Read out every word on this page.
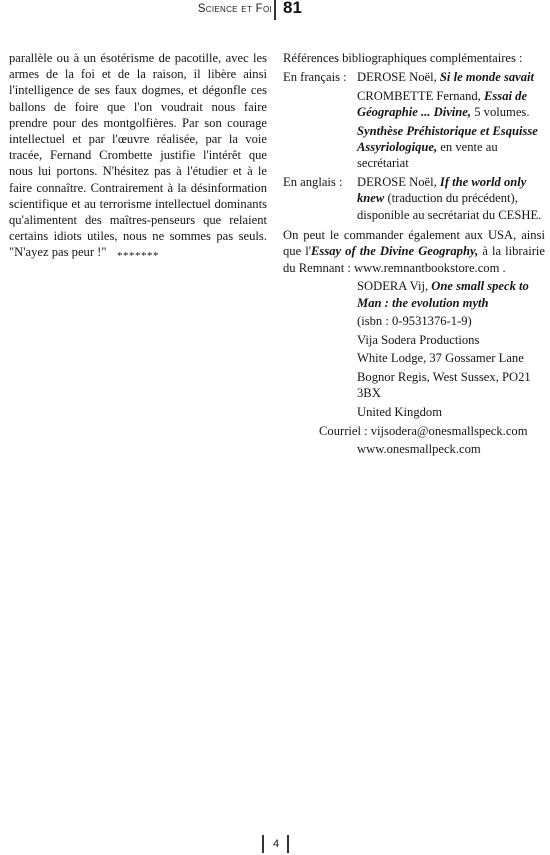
Science et Foi 81

parallèle ou à un ésotérisme de pacotille, avec les armes de la foi et de la raison, il libère ainsi l'intelligence de ses faux dogmes, et dégonfle ces ballons de foire que l'on voudrait nous faire prendre pour des montgolfières. Par son courage intellectuel et par l'œuvre réalisée, par la voie tracée, Fernand Crombette justifie l'intérêt que nous lui portons. N'hésitez pas à l'étudier et à le faire connaître. Contrairement à la désinformation scientifique et au terrorisme intellectuel dominants qu'alimentent des maîtres-penseurs que relaient certains idiots utiles, nous ne sommes pas seuls. "N'ayez pas peur !" *******

Références bibliographiques complémentaires :

En français : DEROSE Noël, Si le monde savait
CROMBETTE Fernand, Essai de Géographie ... Divine, 5 volumes.
Synthèse Préhistorique et Esquisse Assyriologique, en vente au secrétariat
En anglais :	DEROSE Noël, If the world only knew (traduction du précédent), disponible au secrétariat du CESHE.

On peut le commander également aux USA, ainsi que l'Essay of the Divine Geography, à la librairie du Remnant : www.remnantbookstore.com .

SODERA Vij, One small speck to Man : the evolution myth
(isbn : 0-9531376-1-9)
Vija Sodera Productions
White Lodge, 37 Gossamer Lane
Bognor Regis, West Sussex, PO21 3BX
United Kingdom
Courriel : vijsodera@onesmallspeck.com
www.onesmallpeck.com
4
